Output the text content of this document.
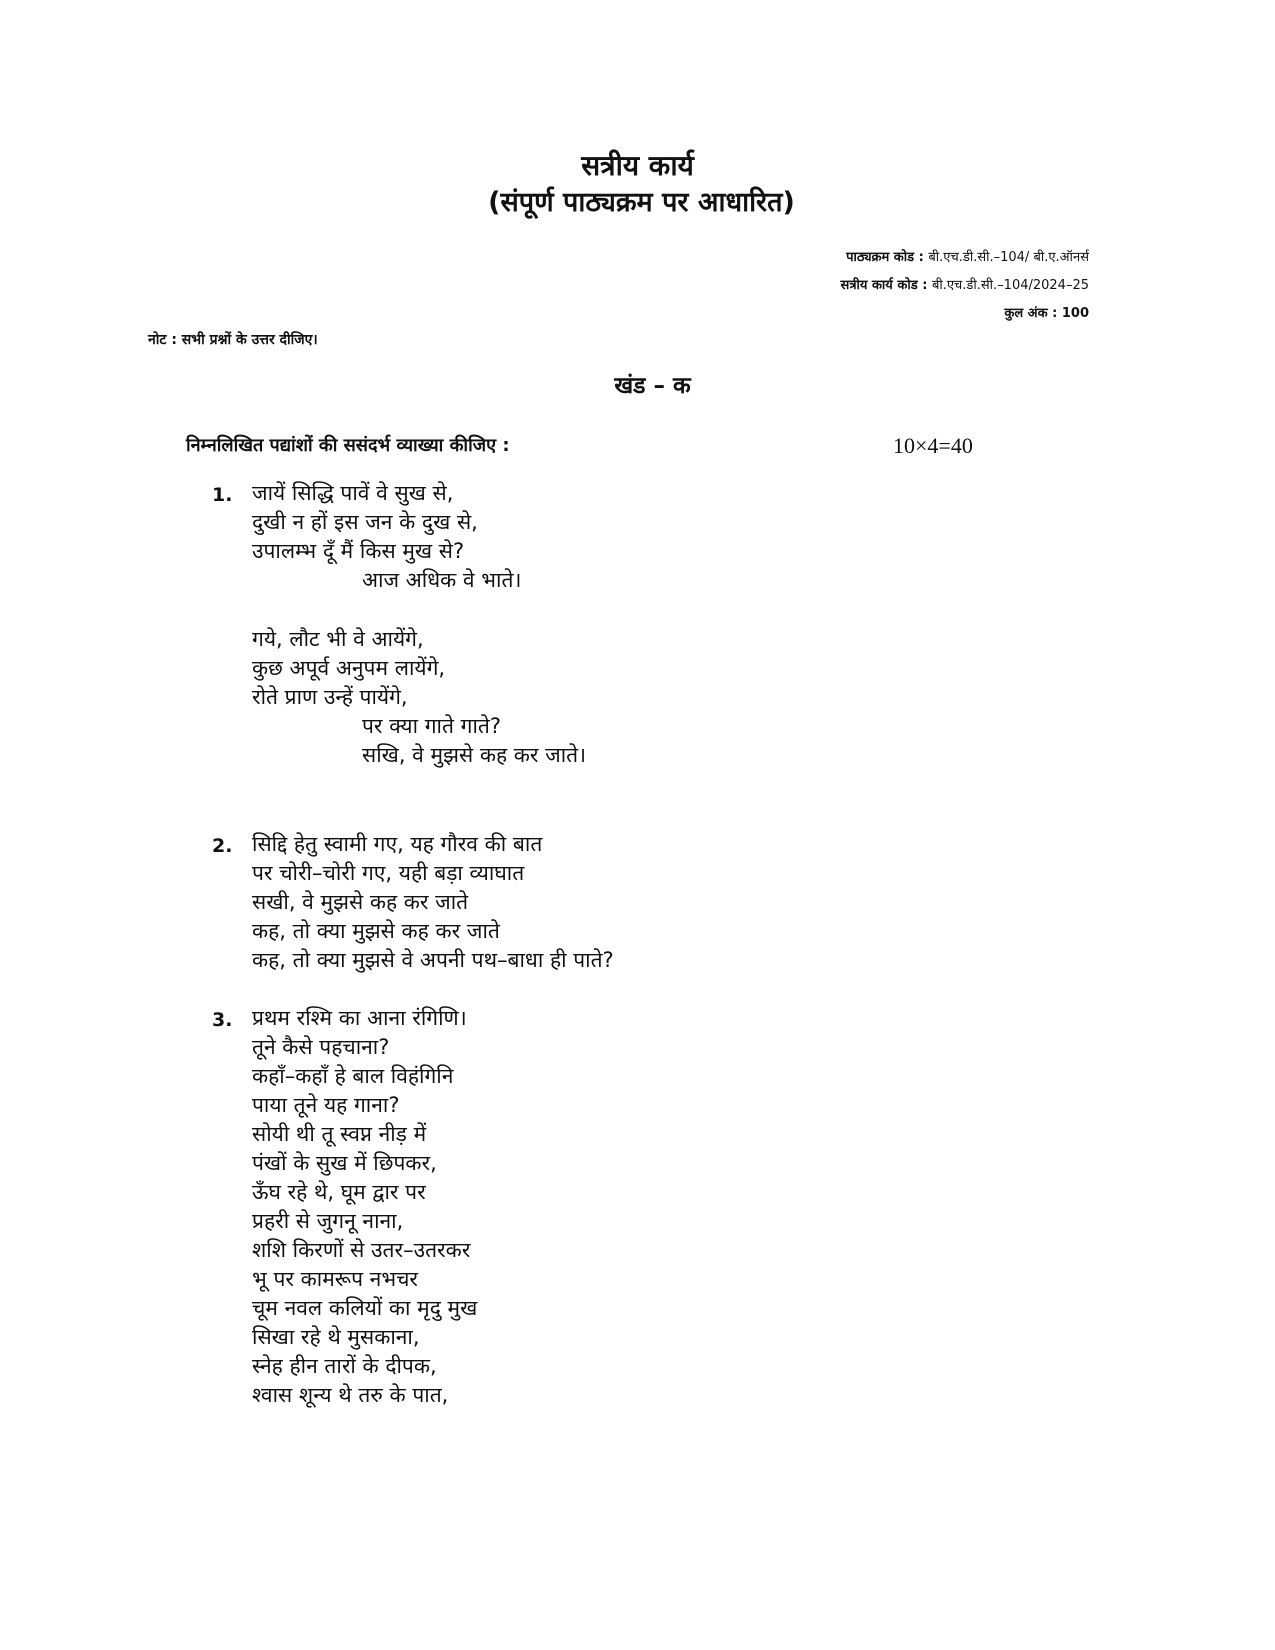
सत्रीय कार्य
(संपूर्ण पाठ्यक्रम पर आधारित)
पाठ्यक्रम कोड : बी.एच.डी.सी.–104/ बी.ए.ऑनर्स
सत्रीय कार्य कोड : बी.एच.डी.सी.–104/2024–25
कुल अंक : 100
नोट : सभी प्रश्नों के उत्तर दीजिए।
खंड – क
निम्नलिखित पद्यांशों की ससंदर्भ व्याख्या कीजिए :	10×4=40
1. जायें सिद्धि पावें वे सुख से,
दुखी न हों इस जन के दुख से,
उपालम्भ दूँ मैं किस मुख से?
आज अधिक वे भाते।
गये, लौट भी वे आयेंगे,
कुछ अपूर्व अनुपम लायेंगे,
रोते प्राण उन्हें पायेंगे,
पर क्या गाते गाते?
सखि, वे मुझसे कह कर जाते।
2. सिद्दि हेतु स्वामी गए, यह गौरव की बात
पर चोरी–चोरी गए, यही बड़ा व्याघात
सखी, वे मुझसे कह कर जाते
कह, तो क्या मुझसे कह कर जाते
कह, तो क्या मुझसे वे अपनी पथ–बाधा ही पाते?
3. प्रथम रश्मि का आना रंगिणि।
तूने कैसे पहचाना?
कहाँ–कहाँ हे बाल विहंगिनि
पाया तूने यह गाना?
सोयी थी तू स्वप्न नीड़ में
पंखों के सुख में छिपकर,
ऊँघ रहे थे, घूम द्वार पर
प्रहरी से जुगनू नाना,
शशि किरणों से उतर–उतरकर
भू पर कामरूप नभचर
चूम नवल कलियों का मृदु मुख
सिखा रहे थे मुसकाना,
स्नेह हीन तारों के दीपक,
श्वास शून्य थे तरु के पात,
